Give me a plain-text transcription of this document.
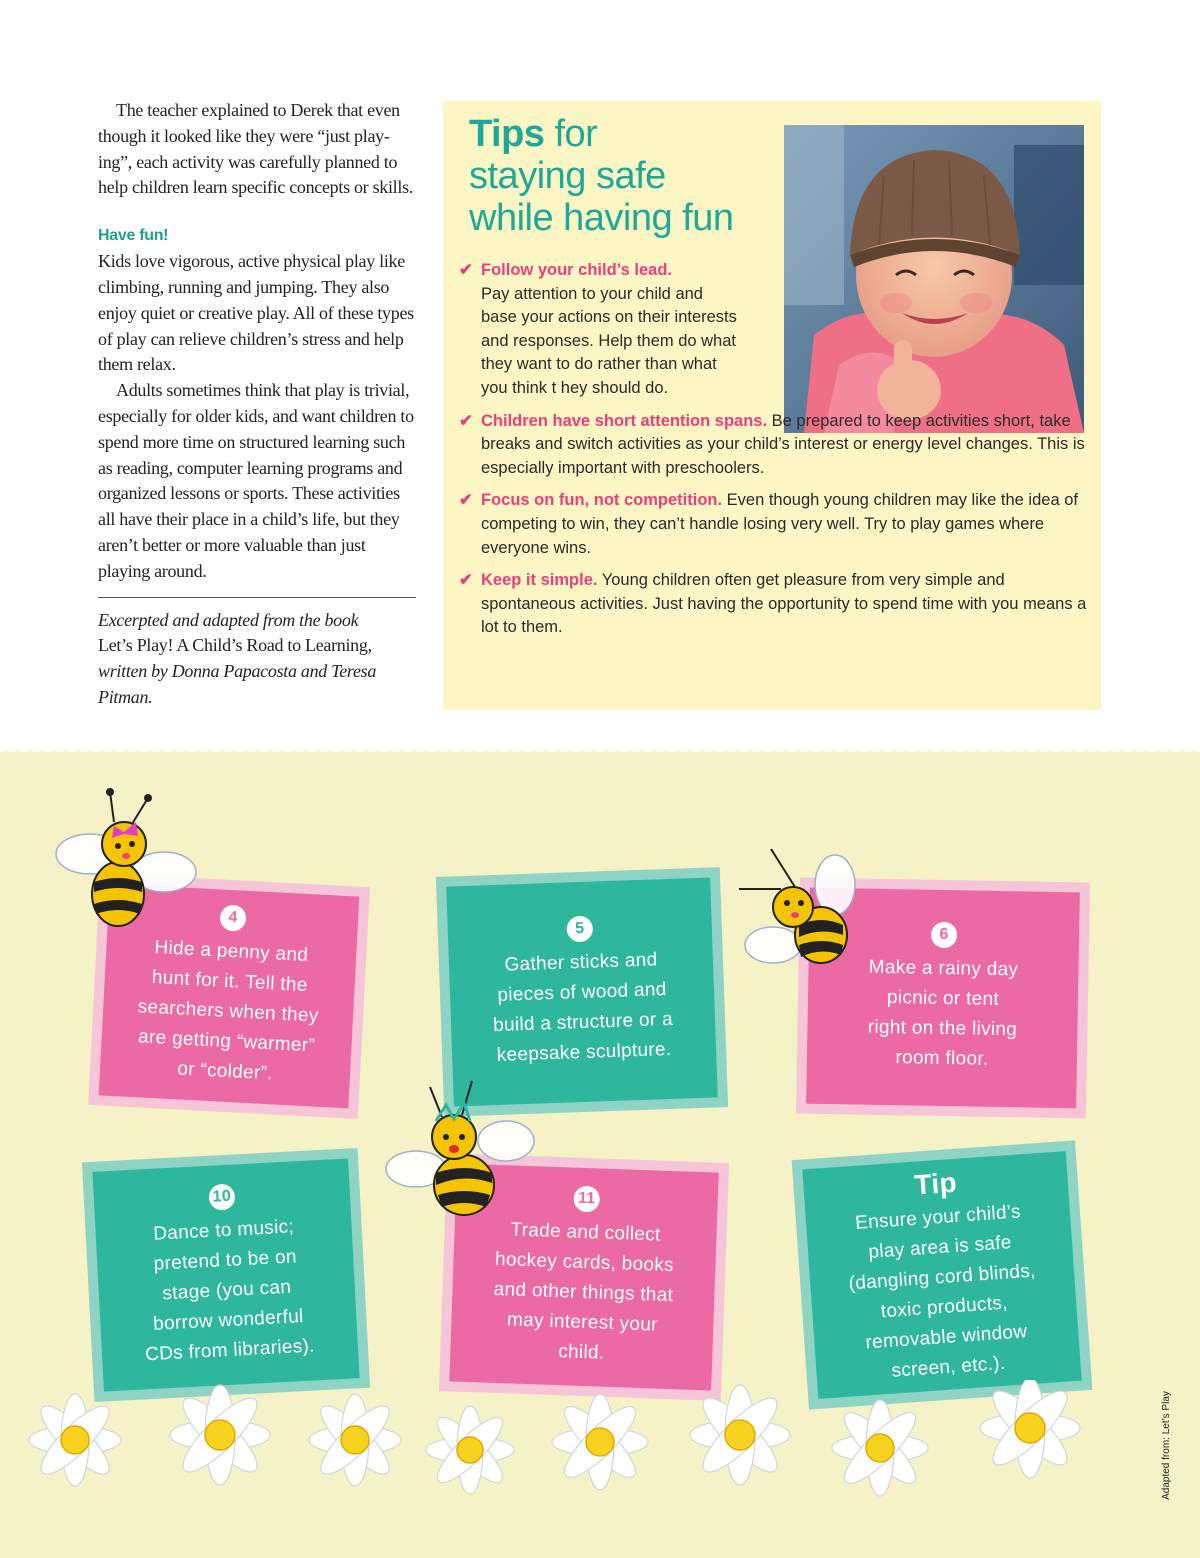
The teacher explained to Derek that even though it looked like they were “just play-ing”, each activity was carefully planned to help children learn specific concepts or skills.

Have fun!

Kids love vigorous, active physical play like climbing, running and jumping. They also enjoy quiet or creative play. All of these types of play can relieve children’s stress and help them relax.

Adults sometimes think that play is trivial, especially for older kids, and want children to spend more time on structured learning such as reading, computer learning programs and organized lessons or sports. These activities all have their place in a child’s life, but they aren’t better or more valuable than just playing around.

Excerpted and adapted from the book
Let’s Play! A Child’s Road to Learning,
written by Donna Papacosta and Teresa Pitman.

Tips for
staying safe
while having fun
✔ Follow your child’s lead.
Pay attention to your child and base your actions on their interests and responses. Help them do what they want to do rather than what you think t hey should do.
✔ Children have short attention spans. Be prepared to keep activities short, take breaks and switch activities as your child’s interest or energy level changes. This is especially important with preschoolers.
✔ Focus on fun, not competition. Even though young children may like the idea of competing to win, they can’t handle losing very well. Try to play games where everyone wins.
✔ Keep it simple. Young children often get pleasure from very simple and spontaneous activities. Just having the opportunity to spend time with you means a lot to them.
4
Hide a penny and hunt for it. Tell the searchers when they are getting “warmer” or “colder”.
5
Gather sticks and pieces of wood and build a structure or a keepsake sculpture.
6
Make a rainy day picnic or tent right on the living room floor.
10
Dance to music; pretend to be on stage (you can borrow wonderful CDs from libraries).
11
Trade and collect hockey cards, books and other things that may interest your child.
Tip
Ensure your child’s play area is safe (dangling cord blinds, toxic products, removable window screen, etc.).
Adapted from: Let’s Play
